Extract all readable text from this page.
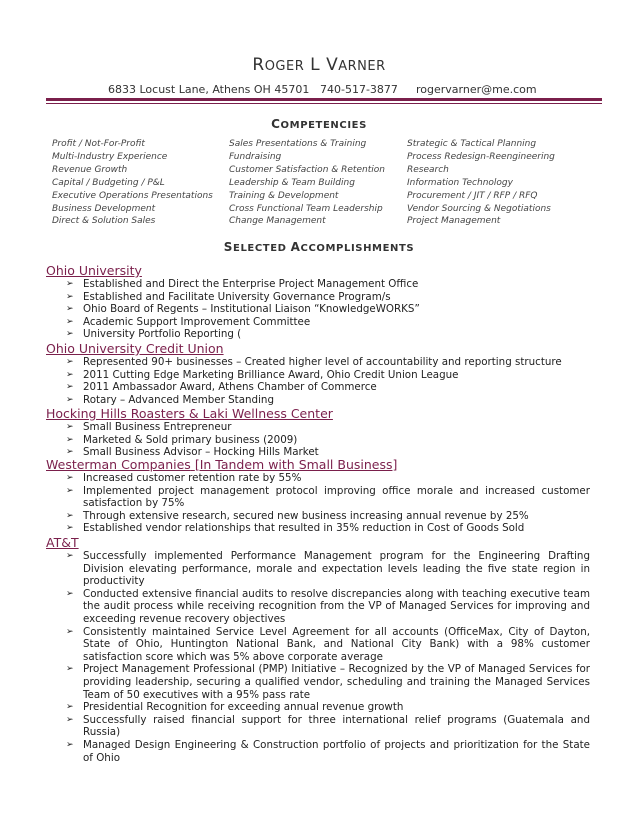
ROGER L VARNER
6833 Locust Lane, Athens OH 45701 740-517-3877 rogervarner@me.com
COMPETENCIES
Profit / Not-For-Profit
Multi-Industry Experience
Revenue Growth
Capital / Budgeting / P&L
Executive Operations Presentations
Business Development
Direct & Solution Sales
Sales Presentations & Training
Fundraising
Customer Satisfaction & Retention
Leadership & Team Building
Training & Development
Cross Functional Team Leadership
Change Management
Strategic & Tactical Planning
Process Redesign-Reengineering
Research
Information Technology
Procurement / JIT / RFP / RFQ
Vendor Sourcing & Negotiations
Project Management
SELECTED ACCOMPLISHMENTS
Ohio University
➢ Established and Direct the Enterprise Project Management Office
➢ Established and Facilitate University Governance Program/s
➢ Ohio Board of Regents – Institutional Liaison “KnowledgeWORKS”
➢ Academic Support Improvement Committee
➢ University Portfolio Reporting (
Ohio University Credit Union
➢ Represented 90+ businesses – Created higher level of accountability and reporting structure
➢ 2011 Cutting Edge Marketing Brilliance Award, Ohio Credit Union League
➢ 2011 Ambassador Award, Athens Chamber of Commerce
➢ Rotary – Advanced Member Standing
Hocking Hills Roasters & Laki Wellness Center
➢ Small Business Entrepreneur
➢ Marketed & Sold primary business (2009)
➢ Small Business Advisor – Hocking Hills Market
Westerman Companies [In Tandem with Small Business]
➢ Increased customer retention rate by 55%
➢ Implemented project management protocol improving office morale and increased customer satisfaction by 75%
➢ Through extensive research, secured new business increasing annual revenue by 25%
➢ Established vendor relationships that resulted in 35% reduction in Cost of Goods Sold
AT&T
➢ Successfully implemented Performance Management program for the Engineering Drafting Division elevating performance, morale and expectation levels leading the five state region in productivity
➢ Conducted extensive financial audits to resolve discrepancies along with teaching executive team the audit process while receiving recognition from the VP of Managed Services for improving and exceeding revenue recovery objectives
➢ Consistently maintained Service Level Agreement for all accounts (OfficeMax, City of Dayton, State of Ohio, Huntington National Bank, and National City Bank) with a 98% customer satisfaction score which was 5% above corporate average
➢ Project Management Professional (PMP) Initiative – Recognized by the VP of Managed Services for providing leadership, securing a qualified vendor, scheduling and training the Managed Services Team of 50 executives with a 95% pass rate
➢ Presidential Recognition for exceeding annual revenue growth
➢ Successfully raised financial support for three international relief programs (Guatemala and Russia)
➢ Managed Design Engineering & Construction portfolio of projects and prioritization for the State of Ohio
